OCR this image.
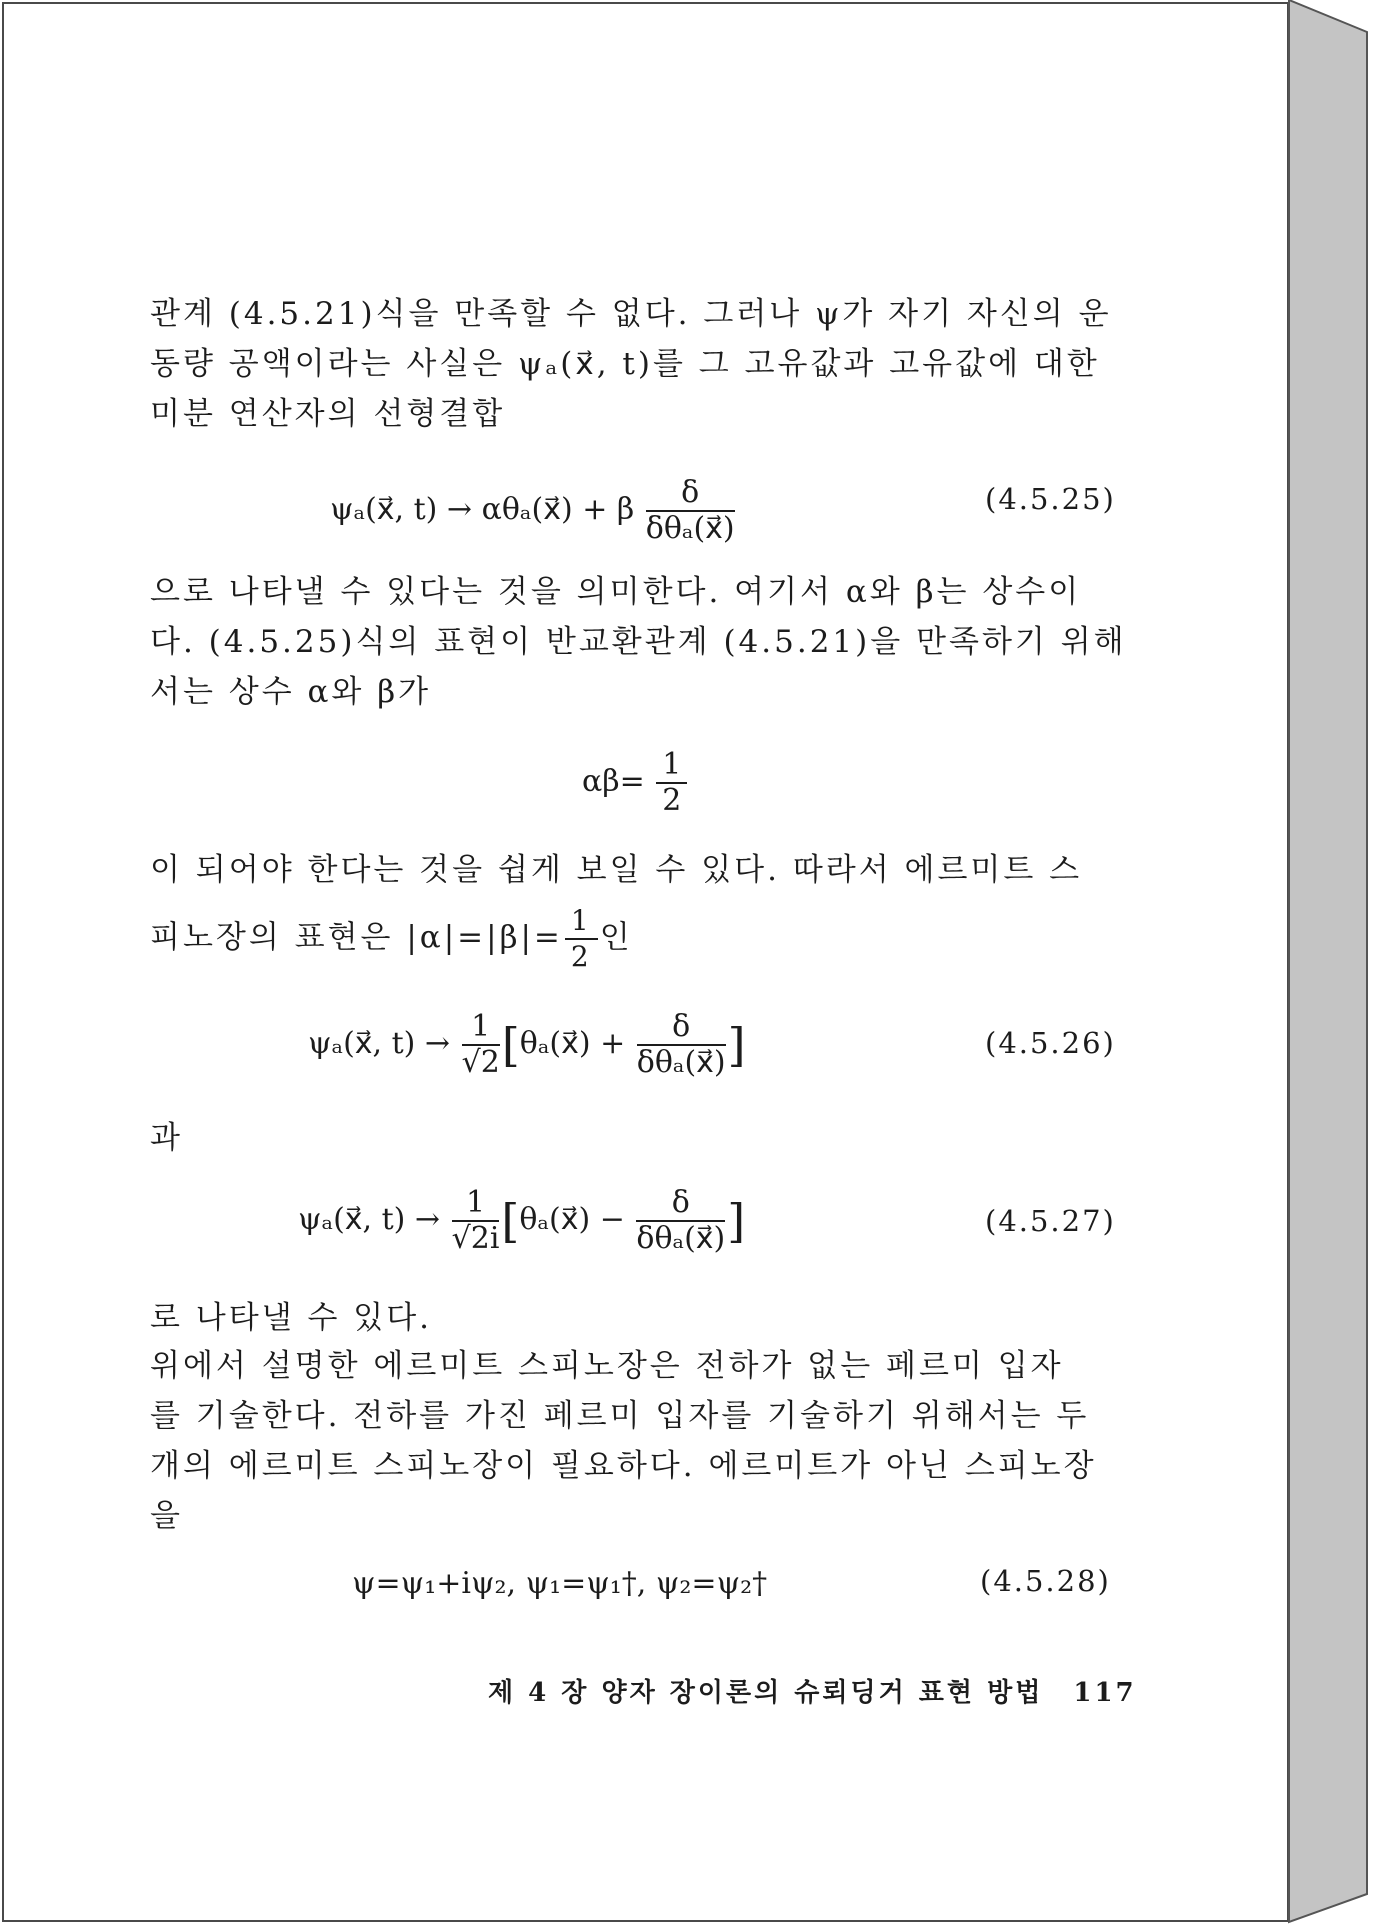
관계 (4.5.21)식을 만족할 수 없다. 그러나 ψ가 자기 자신의 운
동량 공액이라는 사실은 ψₐ(x⃗, t)를 그 고유값과 고유값에 대한
미분 연산자의 선형결합
ψₐ(x⃗, t) → αθₐ(x⃗) + β $\frac{\delta}{\text{δθₐ(x⃗)}}$	(4.5.25)
으로 나타낼 수 있다는 것을 의미한다. 여기서 α와 β는 상수이
다. (4.5.25)식의 표현이 반교환관계 (4.5.21)을 만족하기 위해
서는 상수 α와 β가
$\alpha\beta= \frac{1}{2}$
이 되어야 한다는 것을 쉽게 보일 수 있다. 따라서 에르미트 스
피노장의 표현은 $|\alpha|=|\beta|= \frac{1}{2}$ 인
ψₐ(x⃗, $t) \to \frac{1}{√2}$ [θₐ(x⃗) + $\frac{\delta}{\text{δθₐ(x⃗)}}$ ]	(4.5.26)
과
ψₐ(x⃗, $t) \to \frac{1}{√2i}$ [θₐ(x⃗) − $\frac{\delta}{\text{δθₐ(x⃗)}}$ ]	(4.5.27)
로 나타낼 수 있다.
위에서 설명한 에르미트 스피노장은 전하가 없는 페르미 입자
를 기술한다. 전하를 가진 페르미 입자를 기술하기 위해서는 두
개의 에르미트 스피노장이 필요하다. 에르미트가 아닌 스피노장
을
ψ=ψ₁+iψ₂, ψ₁=ψ₁†, ψ₂=ψ₂†	(4.5.28)
제 4 장 양자 장이론의 슈뢰딩거 표현 방법 117
